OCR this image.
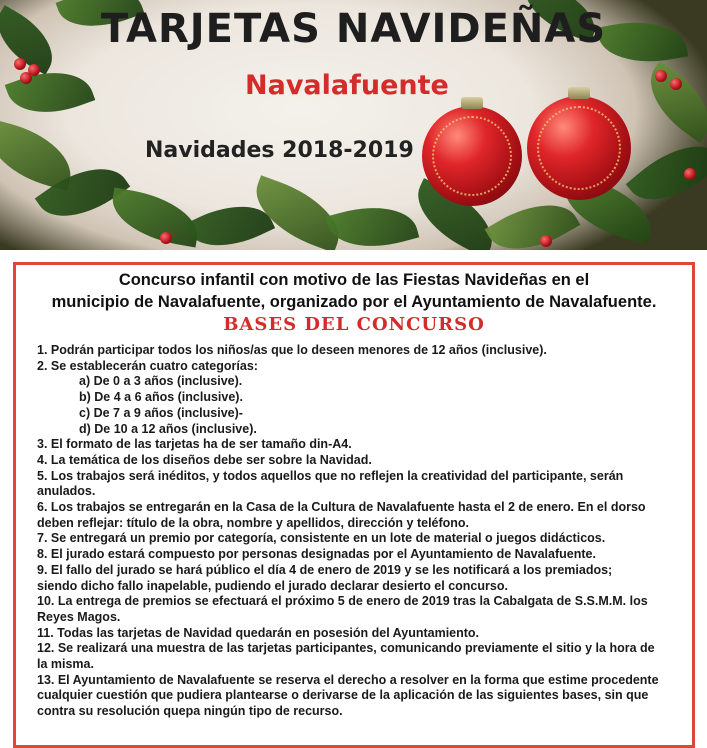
TARJETAS NAVIDEÑAS
Navalafuente
Navidades 2018-2019

Concurso infantil con motivo de las Fiestas Navideñas en el
municipio de Navalafuente, organizado por el Ayuntamiento de Navalafuente.

BASES DEL CONCURSO
1. Podrán participar todos los niños/as que lo deseen menores de 12 años (inclusive).
2. Se establecerán cuatro categorías:
a) De 0 a 3 años (inclusive).
b) De 4 a 6 años (inclusive).
c) De 7 a 9 años (inclusive)-
d) De 10 a 12 años (inclusive).
3. El formato de las tarjetas ha de ser tamaño din-A4.
4. La temática de los diseños debe ser sobre la Navidad.
5. Los trabajos será inéditos, y todos aquellos que no reflejen la creatividad del participante, serán
anulados.
6. Los trabajos se entregarán en la Casa de la Cultura de Navalafuente hasta el 2 de enero. En el dorso
deben reflejar: título de la obra, nombre y apellidos, dirección y teléfono.
7. Se entregará un premio por categoría, consistente en un lote de material o juegos didácticos.
8. El jurado estará compuesto por personas designadas por el Ayuntamiento de Navalafuente.
9. El fallo del jurado se hará público el día 4 de enero de 2019 y se les notificará a los premiados;
siendo dicho fallo inapelable, pudiendo el jurado declarar desierto el concurso.
10. La entrega de premios se efectuará el próximo 5 de enero de 2019 tras la Cabalgata de S.S.M.M. los
Reyes Magos.
11. Todas las tarjetas de Navidad quedarán en posesión del Ayuntamiento.
12. Se realizará una muestra de las tarjetas participantes, comunicando previamente el sitio y la hora de
la misma.
13. El Ayuntamiento de Navalafuente se reserva el derecho a resolver en la forma que estime procedente
cualquier cuestión que pudiera plantearse o derivarse de la aplicación de las siguientes bases, sin que
contra su resolución quepa ningún tipo de recurso.
